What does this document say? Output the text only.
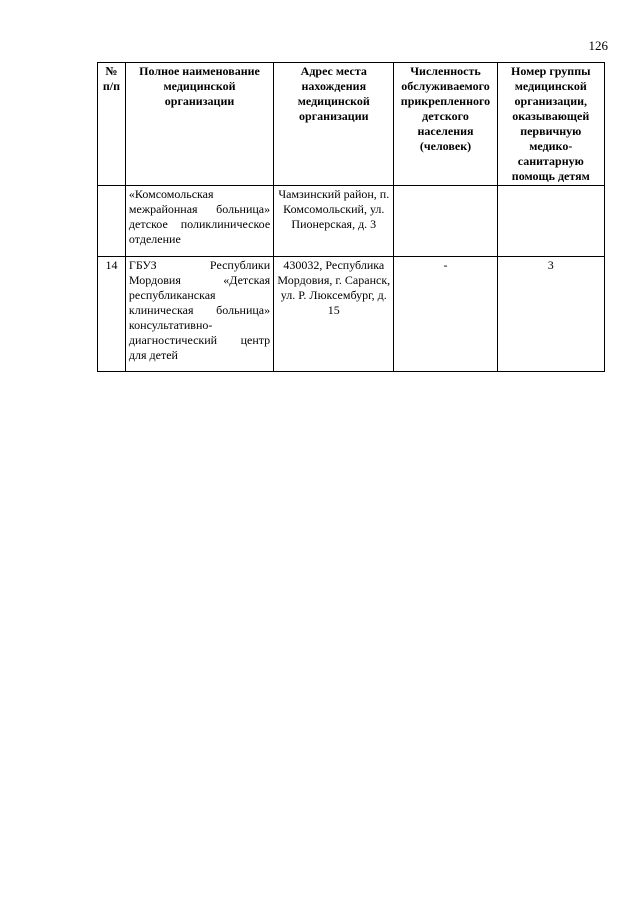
126
№ п/п	Полное наименование медицинской организации	Адрес места нахождения медицинской организации	Численность обслуживаемого прикрепленного детского населения (человек)	Номер группы медицинской организации, оказывающей первичную медико-санитарную помощь детям
	«Комсомольская межрайонная больница» детское поликлиническое отделение	Чамзинский район, п. Комсомольский, ул. Пионерская, д. 3		
14	ГБУЗ Республики Мордовия «Детская республиканская клиническая больница» консультативно-диагностический центр для детей	430032, Республика Мордовия, г. Саранск, ул. Р. Люксембург, д. 15	-	3
